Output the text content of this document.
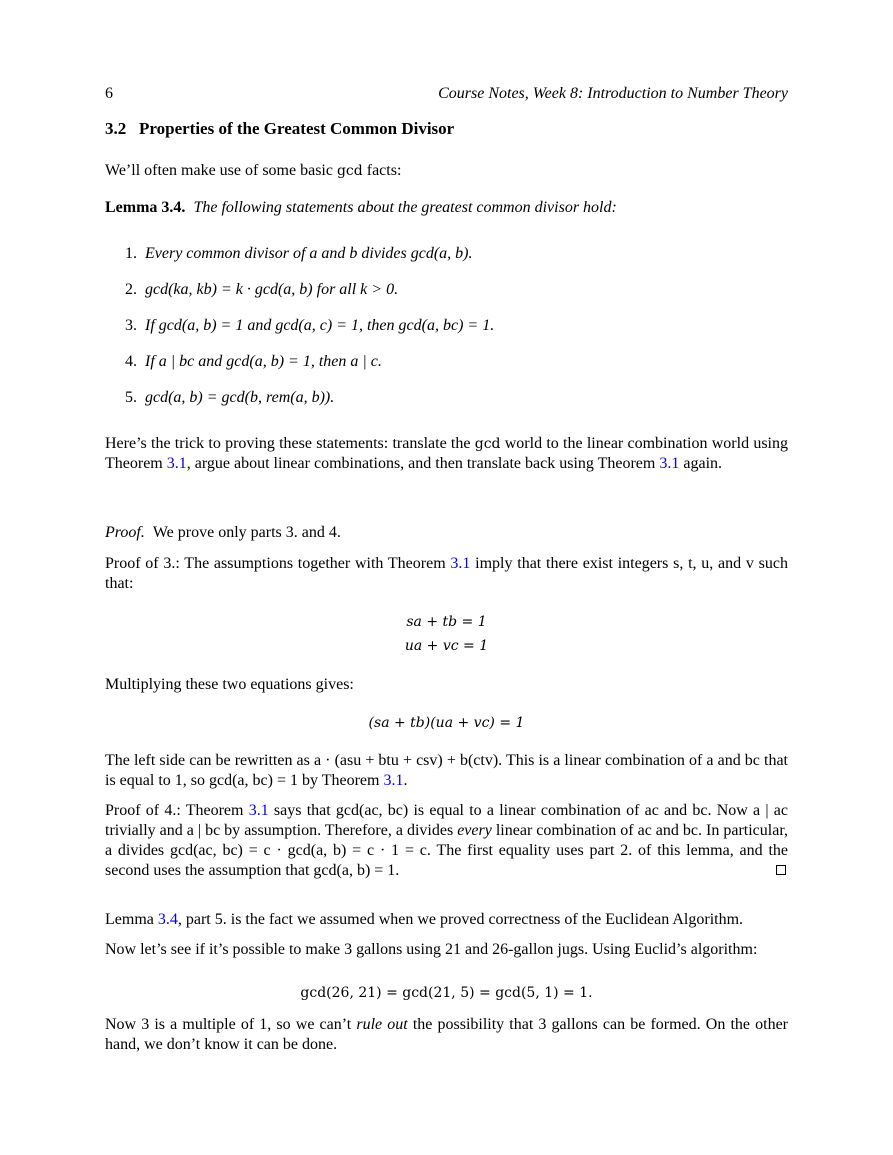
6	Course Notes, Week 8: Introduction to Number Theory
3.2 Properties of the Greatest Common Divisor
We’ll often make use of some basic gcd facts:
Lemma 3.4. The following statements about the greatest common divisor hold:
1. Every common divisor of a and b divides gcd(a, b).
2. gcd(ka, kb) = k · gcd(a, b) for all k > 0.
3. If gcd(a, b) = 1 and gcd(a, c) = 1, then gcd(a, bc) = 1.
4. If a | bc and gcd(a, b) = 1, then a | c.
5. gcd(a, b) = gcd(b, rem(a, b)).
Here’s the trick to proving these statements: translate the gcd world to the linear combination world using Theorem 3.1, argue about linear combinations, and then translate back using Theorem 3.1 again.
Proof. We prove only parts 3. and 4.
Proof of 3.: The assumptions together with Theorem 3.1 imply that there exist integers s, t, u, and v such that:
sa + tb = 1
ua + vc = 1
Multiplying these two equations gives:
(sa + tb)(ua + vc) = 1
The left side can be rewritten as a · (asu + btu + csv) + b(ctv). This is a linear combination of a and bc that is equal to 1, so gcd(a, bc) = 1 by Theorem 3.1.
Proof of 4.: Theorem 3.1 says that gcd(ac, bc) is equal to a linear combination of ac and bc. Now a | ac trivially and a | bc by assumption. Therefore, a divides every linear combination of ac and bc. In particular, a divides gcd(ac, bc) = c · gcd(a, b) = c · 1 = c. The first equality uses part 2. of this lemma, and the second uses the assumption that gcd(a, b) = 1.
Lemma 3.4, part 5. is the fact we assumed when we proved correctness of the Euclidean Algorithm.
Now let’s see if it’s possible to make 3 gallons using 21 and 26-gallon jugs. Using Euclid’s algorithm:
gcd(26, 21) = gcd(21, 5) = gcd(5, 1) = 1.
Now 3 is a multiple of 1, so we can’t rule out the possibility that 3 gallons can be formed. On the other hand, we don’t know it can be done.
